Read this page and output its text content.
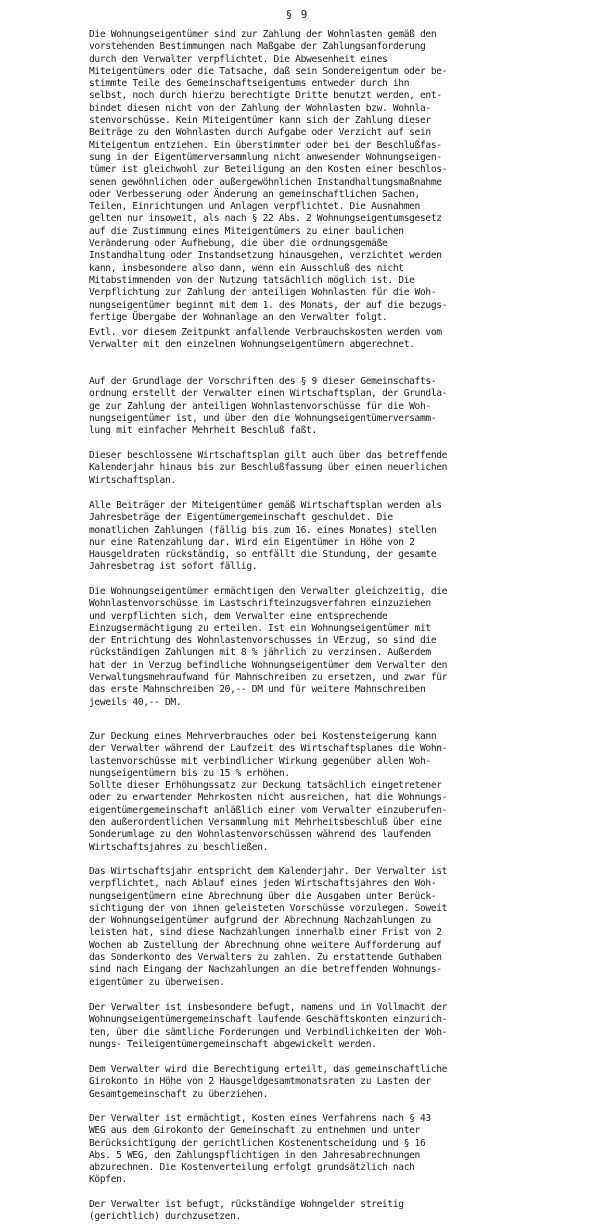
§ 9

Die Wohnungseigentümer sind zur Zahlung der Wohnlasten gemäß den
vorstehenden Bestimmungen nach Maßgabe der Zahlungsanforderung
durch den Verwalter verpflichtet. Die Abwesenheit eines
Miteigentümers oder die Tatsache, daß sein Sondereigentum oder be-
stimmte Teile des Gemeinschaftseigentums entweder durch ihn
selbst, noch durch hierzu berechtigte Dritte benutzt werden, ent-
bindet diesen nicht von der Zahlung der Wohnlasten bzw. Wohnla-
stenvorschüsse. Kein Miteigentümer kann sich der Zahlung dieser
Beiträge zu den Wohnlasten durch Aufgabe oder Verzicht auf sein
Miteigentum entziehen. Ein überstimmter oder bei der Beschlußfas-
sung in der Eigentümerversammlung nicht anwesender Wohnungseigen-
tümer ist gleichwohl zur Beteiligung an den Kosten einer beschlos-
senen gewöhnlichen oder außergewöhnlichen Instandhaltungsmaßnahme
oder Verbesserung oder Änderung an gemeinschaftlichen Sachen,
Teilen, Einrichtungen und Anlagen verpflichtet. Die Ausnahmen
gelten nur insoweit, als nach § 22 Abs. 2 Wohnungseigentumsgesetz
auf die Zustimmung eines Miteigentümers zu einer baulichen
Veränderung oder Aufhebung, die über die ordnungsgemäße
Instandhaltung oder Instandsetzung hinausgehen, verzichtet werden
kann, insbesondere also dann, wenn ein Ausschluß des nicht
Mitabstimmenden von der Nutzung tatsächlich möglich ist. Die
Verpflichtung zur Zahlung der anteiligen Wohnlasten für die Woh-
nungseigentümer beginnt mit dem 1. des Monats, der auf die bezugs-
fertige Übergabe der Wohnanlage an den Verwalter folgt.

Evtl. vor diesem Zeitpunkt anfallende Verbrauchskosten werden vom
Verwalter mit den einzelnen Wohnungseigentümern abgerechnet.

Auf der Grundlage der Vorschriften des § 9 dieser Gemeinschafts-
ordnung erstellt der Verwalter einen Wirtschaftsplan, der Grundla-
ge zur Zahlung der anteiligen Wohnlastenvorschüsse für die Woh-
nungseigentümer ist, und über den die Wohnungseigentümerversamm-
lung mit einfacher Mehrheit Beschluß faßt.

Dieser beschlossene Wirtschaftsplan gilt auch über das betreffende
Kalenderjahr hinaus bis zur Beschlußfassung über einen neuerlichen
Wirtschaftsplan.

Alle Beiträger der Miteigentümer gemäß Wirtschaftsplan werden als
Jahresbeträge der Eigentümergemeinschaft geschuldet. Die
monatlichen Zahlungen (fällig bis zum 16. eines Monates) stellen
nur eine Ratenzahlung dar. Wird ein Eigentümer in Höhe von 2
Hausgeldraten rückständig, so entfällt die Stundung, der gesamte
Jahresbetrag ist sofort fällig.

Die Wohnungseigentümer ermächtigen den Verwalter gleichzeitig, die
Wohnlastenvorschüsse im Lastschrifteinzugsverfahren einzuziehen
und verpflichten sich, dem Verwalter eine entsprechende
Einzugsermächtigung zu erteilen. Ist ein Wohnungseigentümer mit
der Entrichtung des Wohnlastenvorschusses in VErzug, so sind die
rückständigen Zahlungen mit 8 % jährlich zu verzinsen. Außerdem
hat der in Verzug befindliche Wohnungseigentümer dem Verwalter den
Verwaltungsmehraufwand für Mahnschreiben zu ersetzen, und zwar für
das erste Mahnschreiben 20,-- DM und für weitere Mahnschreiben
jeweils 40,-- DM.

Zur Deckung eines Mehrverbrauches oder bei Kostensteigerung kann
der Verwalter während der Laufzeit des Wirtschaftsplanes die Wohn-
lastenvorschüsse mit verbindlicher Wirkung gegenüber allen Woh-
nungseigentümern bis zu 15 % erhöhen.
Sollte dieser Erhöhungssatz zur Deckung tatsächlich eingetretener
oder zu erwartender Mehrkosten nicht ausreichen, hat die Wohnungs-
eigentümergemeinschaft anläßlich einer vom Verwalter einzuberufen-
den außerordentlichen Versammlung mit Mehrheitsbeschluß über eine
Sonderumlage zu den Wohnlastenvorschüssen während des laufenden
Wirtschaftsjahres zu beschließen.

Das Wirtschaftsjahr entspricht dem Kalenderjahr. Der Verwalter ist
verpflichtet, nach Ablauf eines jeden Wirtschaftsjahres den Woh-
nungseigentümern eine Abrechnung über die Ausgaben unter Berück-
sichtigung der von ihnen geleisteten Vorschüsse vorzulegen. Soweit
der Wohnungseigentümer aufgrund der Abrechnung Nachzahlungen zu
leisten hat, sind diese Nachzahlungen innerhalb einer Frist von 2
Wochen ab Zustellung der Abrechnung ohne weitere Aufforderung auf
das Sonderkonto des Verwalters zu zahlen. Zu erstattende Guthaben
sind nach Eingang der Nachzahlungen an die betreffenden Wohnungs-
eigentümer zu überweisen.

Der Verwalter ist insbesondere befugt, namens und in Vollmacht der
Wohnungseigentümergemeinschaft laufende Geschäftskonten einzurich-
ten, über die sämtliche Forderungen und Verbindlichkeiten der Woh-
nungs- Teileigentümergemeinschaft abgewickelt werden.

Dem Verwalter wird die Berechtigung erteilt, das gemeinschaftliche
Girokonto in Höhe von 2 Hausgeldgesamtmonatsraten zu Lasten der
Gesamtgemeinschaft zu überziehen.

Der Verwalter ist ermächtigt, Kosten eines Verfahrens nach § 43
WEG aus dem Girokonto der Gemeinschaft zu entnehmen und unter
Berücksichtigung der gerichtlichen Kostenentscheidung und § 16
Abs. 5 WEG, den Zahlungspflichtigen in den Jahresabrechnungen
abzurechnen. Die Kostenverteilung erfolgt grundsätzlich nach
Köpfen.

Der Verwalter ist befugt, rückständige Wohngelder streitig
(gerichtlich) durchzusetzen.
